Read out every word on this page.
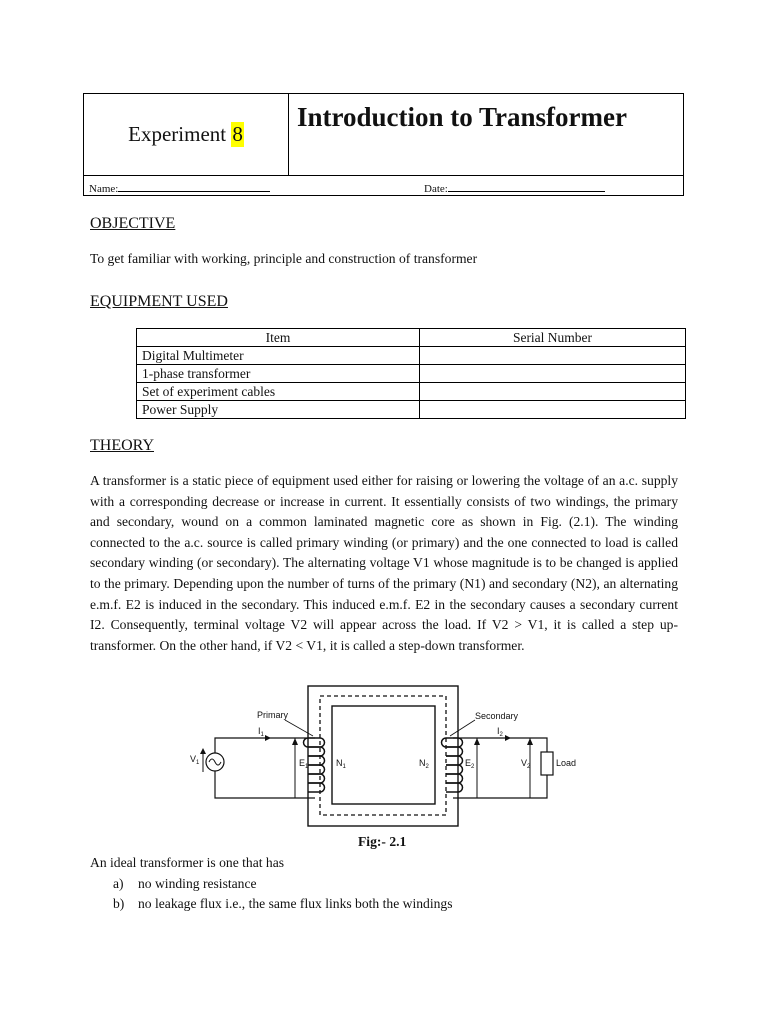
Experiment 8
Introduction to Transformer
Name:	Date:
OBJECTIVE
To get familiar with working, principle and construction of transformer
EQUIPMENT USED
Item	Serial Number
Digital Multimeter	
1-phase transformer	
Set of experiment cables	
Power Supply	
THEORY
A transformer is a static piece of equipment used either for raising or lowering the voltage of an a.c. supply with a corresponding decrease or increase in current. It essentially consists of two windings, the primary and secondary, wound on a common laminated magnetic core as shown in Fig. (2.1). The winding connected to the a.c. source is called primary winding (or primary) and the one connected to load is called secondary winding (or secondary). The alternating voltage V1 whose magnitude is to be changed is applied to the primary. Depending upon the number of turns of the primary (N1) and secondary (N2), an alternating e.m.f. E2 is induced in the secondary. This induced e.m.f. E2 in the secondary causes a secondary current I2. Consequently, terminal voltage V2 will appear across the load. If V2 > V1, it is called a step up-transformer. On the other hand, if V2 < V1, it is called a step-down transformer.
Primary	Secondary
$I_1$	$I_2$
$V_1$	$E_1$	$N_1$	$N_2$	$E_2$	$V_2$	Load
Fig:- 2.1
An ideal transformer is one that has
a) no winding resistance
b) no leakage flux i.e., the same flux links both the windings
